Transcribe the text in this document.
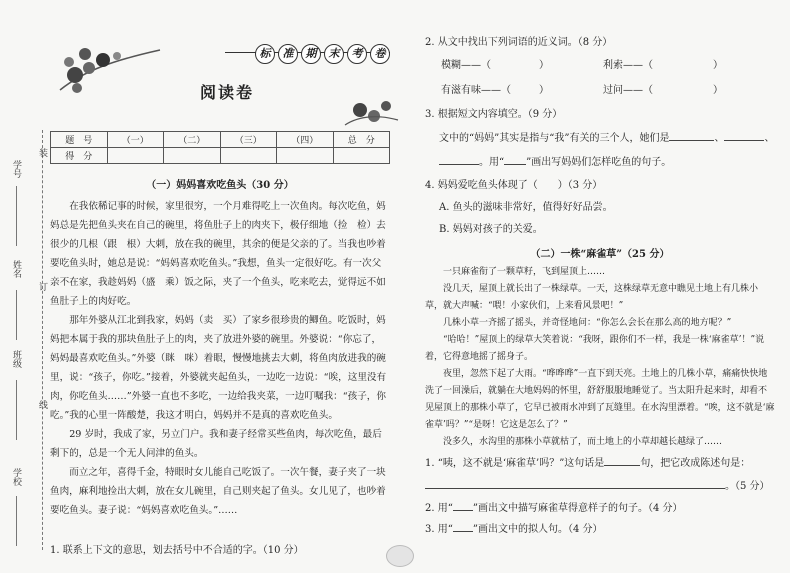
装
订
线
学号
姓名
班级
学校
标 准 期 末 考 卷
阅读卷
题　号	（一）	（二）	（三）	（四）	总　分
得　分					
（一）妈妈喜欢吃鱼头（30 分）

在我依稀记事的时候，家里很穷，一个月难得吃上一次鱼肉。每次吃鱼，妈妈总是先把鱼头夹在自己的碗里，将鱼肚子上的肉夹下，极仔细地（捡　检）去很少的几根（跟　根）大刺，放在我的碗里，其余的便是父亲的了。当我也吵着要吃鱼头时，她总是说：“妈妈喜欢吃鱼头。”我想，鱼头一定很好吃。有一次父亲不在家，我趁妈妈（盛　乘）饭之际，夹了一个鱼头，吃来吃去，觉得远不如鱼肚子上的肉好吃。

那年外婆从江北到我家，妈妈（卖　买）了家乡很珍贵的鲫鱼。吃饭时，妈妈把本属于我的那块鱼肚子上的肉，夹了放进外婆的碗里。外婆说：“你忘了，妈妈最喜欢吃鱼头。”外婆（眯　咪）着眼，慢慢地挑去大刺，将鱼肉放进我的碗里，说：“孩子，你吃。”接着，外婆就夹起鱼头，一边吃一边说：“唉，这里没有肉，你吃鱼头……”外婆一直也不多吃，一边给我夹菜，一边叮嘱我：“孩子，你吃。”我的心里一阵酸楚，我这才明白，妈妈并不是真的喜欢吃鱼头。

29 岁时，我成了家，另立门户。我和妻子经常买些鱼肉，每次吃鱼，最后剩下的，总是一个无人问津的鱼头。

而立之年，喜得千金，特眼时女儿能自己吃饭了。一次午餐，妻子夹了一块鱼肉，麻利地捡出大刺，放在女儿碗里，自己则夹起了鱼头。女儿见了，也吵着要吃鱼头。妻子说：“妈妈喜欢吃鱼头。”……

1. 联系上下文的意思，划去括号中不合适的字。（10 分）
2. 从文中找出下列词语的近义词。（8 分）
模糊——（	）	利索——（	）
有滋有味——（	）	过问——（	）
3. 根据短文内容填空。（9 分）
文中的“妈妈”其实是指与“我”有关的三个人，她们是	、	、
。用“ ”画出写妈妈们怎样吃鱼的句子。
4. 妈妈爱吃鱼头体现了（　　）（3 分）
A. 鱼头的滋味非常好，值得好好品尝。
B. 妈妈对孩子的关爱。
（二）一株“麻雀草”（25 分）

一只麻雀衔了一颗草籽，飞到屋顶上……

没几天，屋顶上就长出了一株绿草。一天，这株绿草无意中瞧见土地上有几株小草，就大声喊：“喂！小家伙们，上来看风景吧！”

几株小草一齐摇了摇头，并奇怪地问：“你怎么会长在那么高的地方呢？”

“哈哈！”屋顶上的绿草大笑着说：“我呀，跟你们不一样，我是一株‘麻雀草’！”说着，它得意地摇了摇身子。

夜里，忽然下起了大雨。“哗哗哗”一直下到天亮。土地上的几株小草，痛痛快快地洗了一回澡后，就躺在大地妈妈的怀里，舒舒服服地睡觉了。当太阳升起来时，却看不见屋顶上的那株小草了，它早已被雨水冲到了瓦缝里。在水沟里漂着。“唉，这不就是‘麻雀草’吗？”“是呀！它这是怎么了？”

没多久，水沟里的那株小草就枯了，而土地上的小草却越长越绿了……

1. “咦，这不就是‘麻雀草’吗？”这句话是	句，把它改成陈述句是：
。（5 分）
2. 用“ ”画出文中描写麻雀草得意样子的句子。（4 分）
3. 用“ ”画出文中的拟人句。（4 分）
